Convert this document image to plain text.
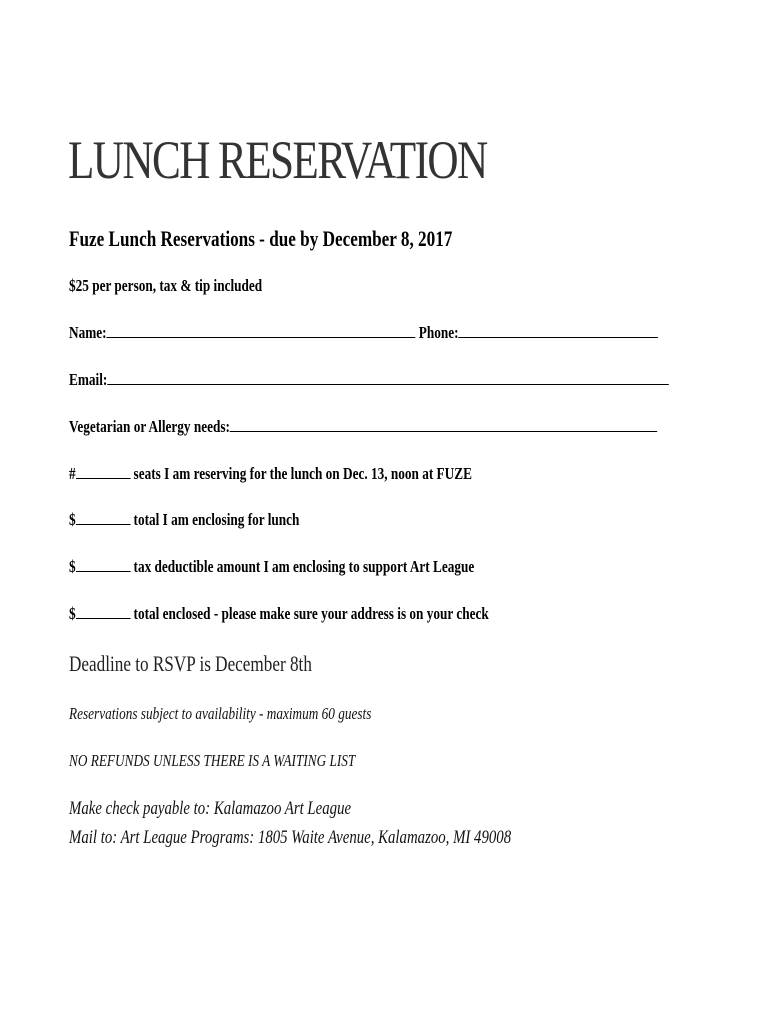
LUNCH RESERVATION
Fuze Lunch Reservations - due by December 8, 2017
$25 per person, tax & tip included
Name:	Phone:
Email:
Vegetarian or Allergy needs:
#	seats I am reserving for the lunch on Dec. 13, noon at FUZE
$	total I am enclosing for lunch
$	tax deductible amount I am enclosing to support Art League
$	total enclosed - please make sure your address is on your check
Deadline to RSVP is December 8th
Reservations subject to availability - maximum 60 guests
NO REFUNDS UNLESS THERE IS A WAITING LIST
Make check payable to: Kalamazoo Art League
Mail to: Art League Programs: 1805 Waite Avenue, Kalamazoo, MI 49008
